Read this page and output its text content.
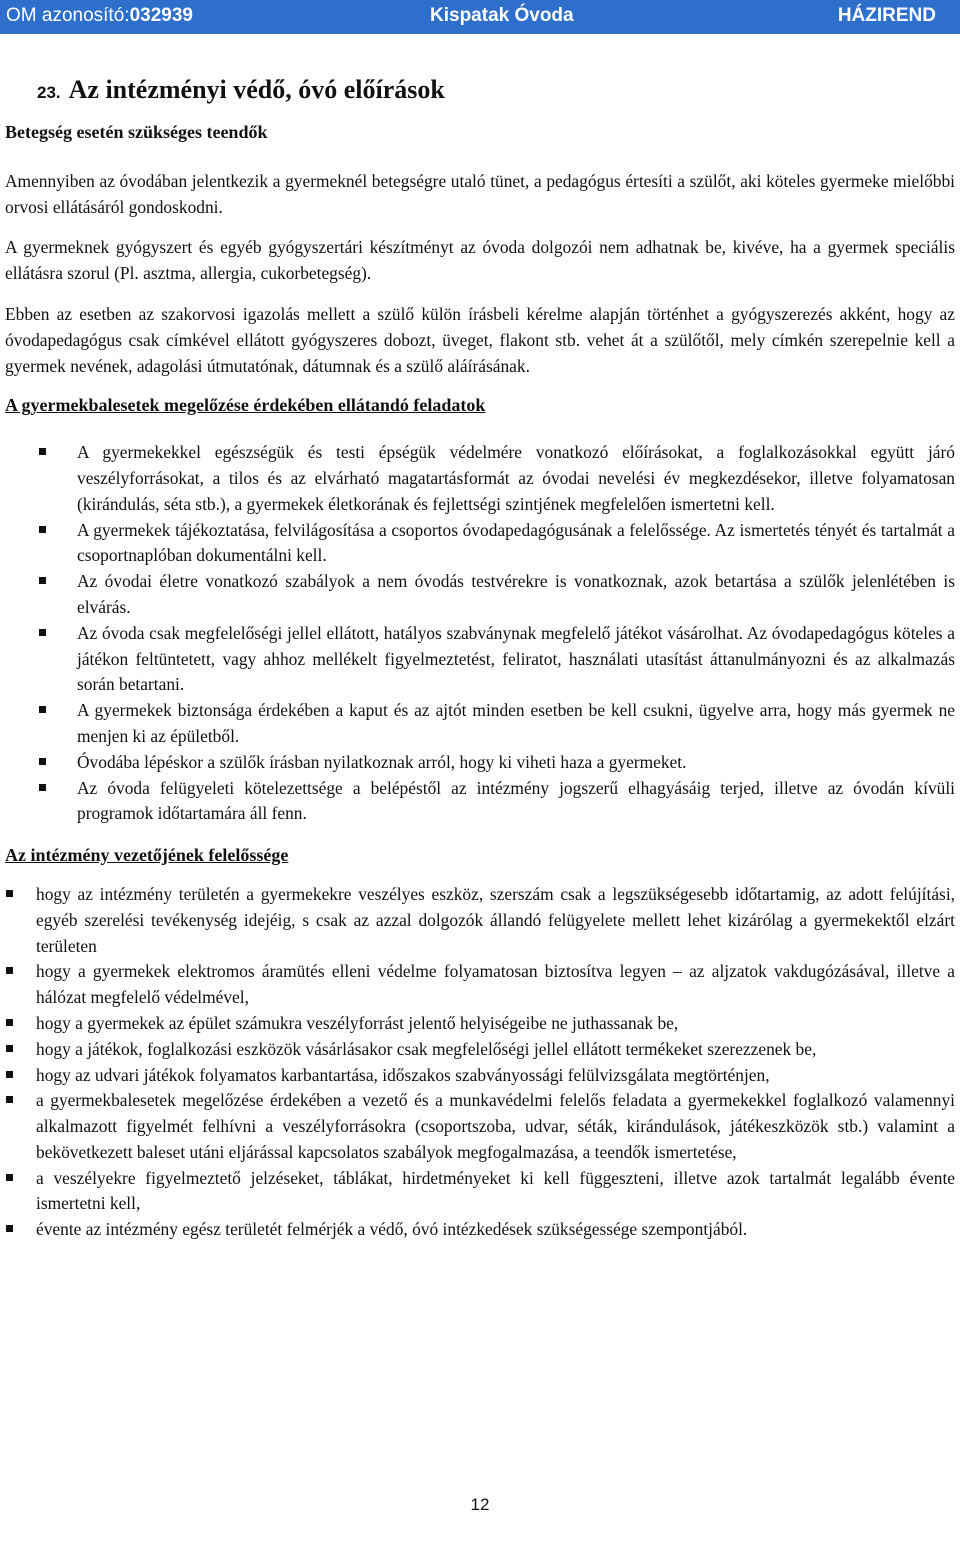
OM azonosító:032939	Kispatak Óvoda	HÁZIREND
23. Az intézményi védő, óvó előírások
Betegség esetén szükséges teendők

Amennyiben az óvodában jelentkezik a gyermeknél betegségre utaló tünet, a pedagógus értesíti a szülőt, aki köteles gyermeke mielőbbi orvosi ellátásáról gondoskodni.

A gyermeknek gyógyszert és egyéb gyógyszertári készítményt az óvoda dolgozói nem adhatnak be, kivéve, ha a gyermek speciális ellátásra szorul (Pl. asztma, allergia, cukorbetegség).

Ebben az esetben az szakorvosi igazolás mellett a szülő külön írásbeli kérelme alapján történhet a gyógyszerezés akként, hogy az óvodapedagógus csak címkével ellátott gyógyszeres dobozt, üveget, flakont stb. vehet át a szülőtől, mely címkén szerepelnie kell a gyermek nevének, adagolási útmutatónak, dátumnak és a szülő aláírásának.

A gyermekbalesetek megelőzése érdekében ellátandó feladatok
A gyermekekkel egészségük és testi épségük védelmére vonatkozó előírásokat, a foglalkozásokkal együtt járó veszélyforrásokat, a tilos és az elvárható magatartásformát az óvodai nevelési év megkezdésekor, illetve folyamatosan (kirándulás, séta stb.), a gyermekek életkorának és fejlettségi szintjének megfelelően ismertetni kell.
A gyermekek tájékoztatása, felvilágosítása a csoportos óvodapedagógusának a felelőssége. Az ismertetés tényét és tartalmát a csoportnaplóban dokumentálni kell.
Az óvodai életre vonatkozó szabályok a nem óvodás testvérekre is vonatkoznak, azok betartása a szülők jelenlétében is elvárás.
Az óvoda csak megfelelőségi jellel ellátott, hatályos szabványnak megfelelő játékot vásárolhat. Az óvodapedagógus köteles a játékon feltüntetett, vagy ahhoz mellékelt figyelmeztetést, feliratot, használati utasítást áttanulmányozni és az alkalmazás során betartani.
A gyermekek biztonsága érdekében a kaput és az ajtót minden esetben be kell csukni, ügyelve arra, hogy más gyermek ne menjen ki az épületből.
Óvodába lépéskor a szülők írásban nyilatkoznak arról, hogy ki viheti haza a gyermeket.
Az óvoda felügyeleti kötelezettsége a belépéstől az intézmény jogszerű elhagyásáig terjed, illetve az óvodán kívüli programok időtartamára áll fenn.
Az intézmény vezetőjének felelőssége
hogy az intézmény területén a gyermekekre veszélyes eszköz, szerszám csak a legszükségesebb időtartamig, az adott felújítási, egyéb szerelési tevékenység idejéig, s csak az azzal dolgozók állandó felügyelete mellett lehet kizárólag a gyermekektől elzárt területen
hogy a gyermekek elektromos áramütés elleni védelme folyamatosan biztosítva legyen – az aljzatok vakdugózásával, illetve a hálózat megfelelő védelmével,
hogy a gyermekek az épület számukra veszélyforrást jelentő helyiségeibe ne juthassanak be,
hogy a játékok, foglalkozási eszközök vásárlásakor csak megfelelőségi jellel ellátott termékeket szerezzenek be,
hogy az udvari játékok folyamatos karbantartása, időszakos szabványossági felülvizsgálata megtörténjen,
a gyermekbalesetek megelőzése érdekében a vezető és a munkavédelmi felelős feladata a gyermekekkel foglalkozó valamennyi alkalmazott figyelmét felhívni a veszélyforrásokra (csoportszoba, udvar, séták, kirándulások, játékeszközök stb.) valamint a bekövetkezett baleset utáni eljárással kapcsolatos szabályok megfogalmazása, a teendők ismertetése,
a veszélyekre figyelmeztető jelzéseket, táblákat, hirdetményeket ki kell függeszteni, illetve azok tartalmát legalább évente ismertetni kell,
évente az intézmény egész területét felmérjék a védő, óvó intézkedések szükségessége szempontjából.
12
